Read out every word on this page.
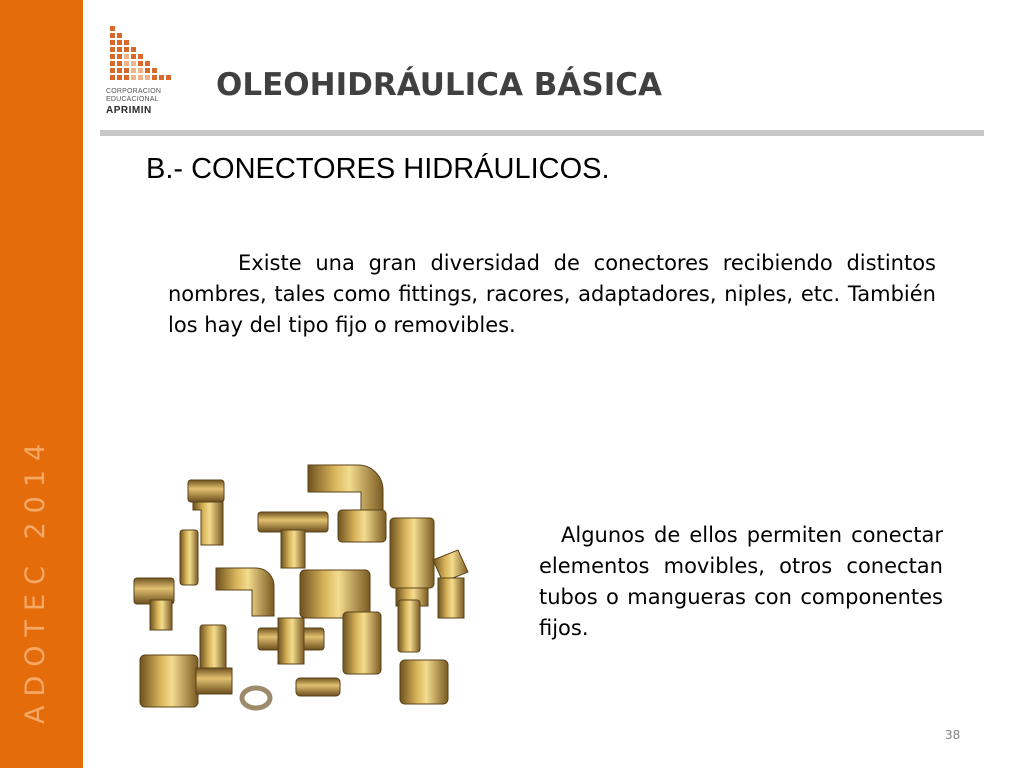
ADOTEC 2014
CORPORACION
EDUCACIONAL
APRIMIN
OLEOHIDRÁULICA BÁSICA
B.- CONECTORES HIDRÁULICOS.

Existe una gran diversidad de conectores recibiendo distintos nombres, tales como fittings, racores, adaptadores, niples, etc. También los hay del tipo fijo o removibles.

Algunos de ellos permiten conectar elementos movibles, otros conectan tubos o mangueras con componentes fijos.

38
